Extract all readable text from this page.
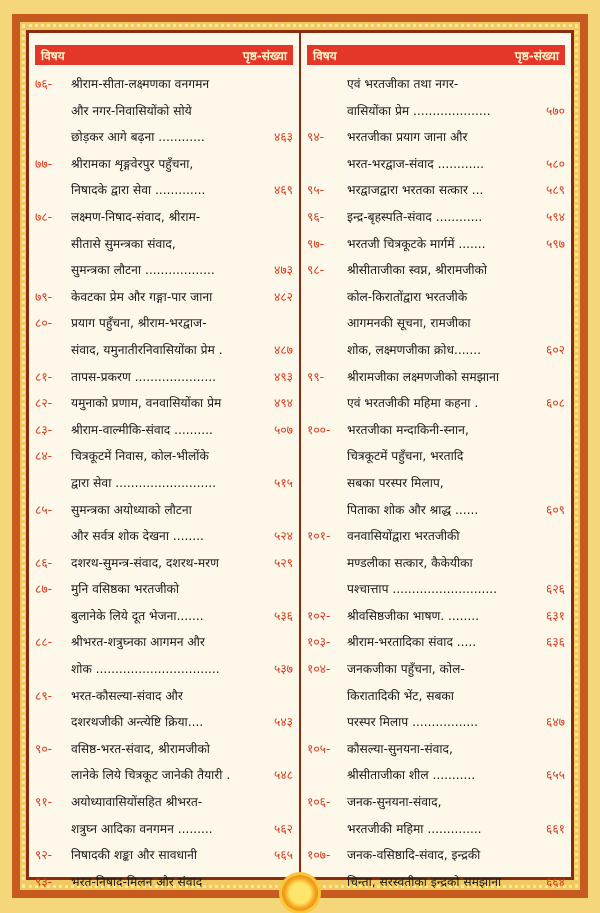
विषय	पृष्ठ-संख्या
७६-	श्रीराम-सीता-लक्ष्मणका वनगमन
और नगर-निवासियोंको सोये
छोड़कर आगे बढ़ना ............	४६३
७७-	श्रीरामका शृङ्गवेरपुर पहुँचना,
निषादके द्वारा सेवा .............	४६९
७८-	लक्ष्मण-निषाद-संवाद, श्रीराम-
सीतासे सुमन्त्रका संवाद,
सुमन्त्रका लौटना ..................	४७३
७९-	केवटका प्रेम और गङ्गा-पार जाना	४८२
८०-	प्रयाग पहुँचना, श्रीराम-भरद्वाज-
संवाद, यमुनातीरनिवासियोंका प्रेम .	४८७
८१-	तापस-प्रकरण .....................	४९३
८२-	यमुनाको प्रणाम, वनवासियोंका प्रेम	४९४
८३-	श्रीराम-वाल्मीकि-संवाद ..........	५०७
८४-	चित्रकूटमें निवास, कोल-भीलोंके
द्वारा सेवा ..........................	५१५
८५-	सुमन्त्रका अयोध्याको लौटना
और सर्वत्र शोक देखना ........	५२४
८६-	दशरथ-सुमन्त्र-संवाद, दशरथ-मरण	५२९
८७-	मुनि वसिष्ठका भरतजीको
बुलानेके लिये दूत भेजना.......	५३६
८८-	श्रीभरत-शत्रुघ्नका आगमन और
शोक ................................	५३७
८९-	भरत-कौसल्या-संवाद और
दशरथजीकी अन्त्येष्टि क्रिया....	५४३
९०-	वसिष्ठ-भरत-संवाद, श्रीरामजीको
लानेके लिये चित्रकूट जानेकी तैयारी .	५४८
९१-	अयोध्यावासियोंसहित श्रीभरत-
शत्रुघ्न आदिका वनगमन .........	५६२
९२-	निषादकी शङ्का और सावधानी	५६५
९३-	भरत-निषाद-मिलन और संवाद
विषय	पृष्ठ-संख्या
एवं भरतजीका तथा नगर-
वासियोंका प्रेम ....................	५७०
९४-	भरतजीका प्रयाग जाना और
भरत-भरद्वाज-संवाद ............	५८०
९५-	भरद्वाजद्वारा भरतका सत्कार ...	५८९
९६-	इन्द्र-बृहस्पति-संवाद ............	५९४
९७-	भरतजी चित्रकूटके मार्गमें .......	५९७
९८-	श्रीसीताजीका स्वप्न, श्रीरामजीको
कोल-किरातोंद्वारा भरतजीके
आगमनकी सूचना, रामजीका
शोक, लक्ष्मणजीका क्रोध.......	६०२
९९-	श्रीरामजीका लक्ष्मणजीको समझाना
एवं भरतजीकी महिमा कहना .	६०८
१००-	भरतजीका मन्दाकिनी-स्नान,
चित्रकूटमें पहुँचना, भरतादि
सबका परस्पर मिलाप,
पिताका शोक और श्राद्ध ......	६०९
१०१-	वनवासियोंद्वारा भरतजीकी
मण्डलीका सत्कार, कैकेयीका
पश्चात्ताप ...........................	६२६
१०२-	श्रीवसिष्ठजीका भाषण. ........	६३१
१०३-	श्रीराम-भरतादिका संवाद .....	६३६
१०४-	जनकजीका पहुँचना, कोल-
किरातादिकी भेंट, सबका
परस्पर मिलाप .................	६४७
१०५-	कौसल्या-सुनयना-संवाद,
श्रीसीताजीका शील ...........	६५५
१०६-	जनक-सुनयना-संवाद,
भरतजीकी महिमा ..............	६६१
१०७-	जनक-वसिष्ठादि-संवाद, इन्द्रकी
चिन्ता, सरस्वतीका इन्द्रको समझाना	६६४
